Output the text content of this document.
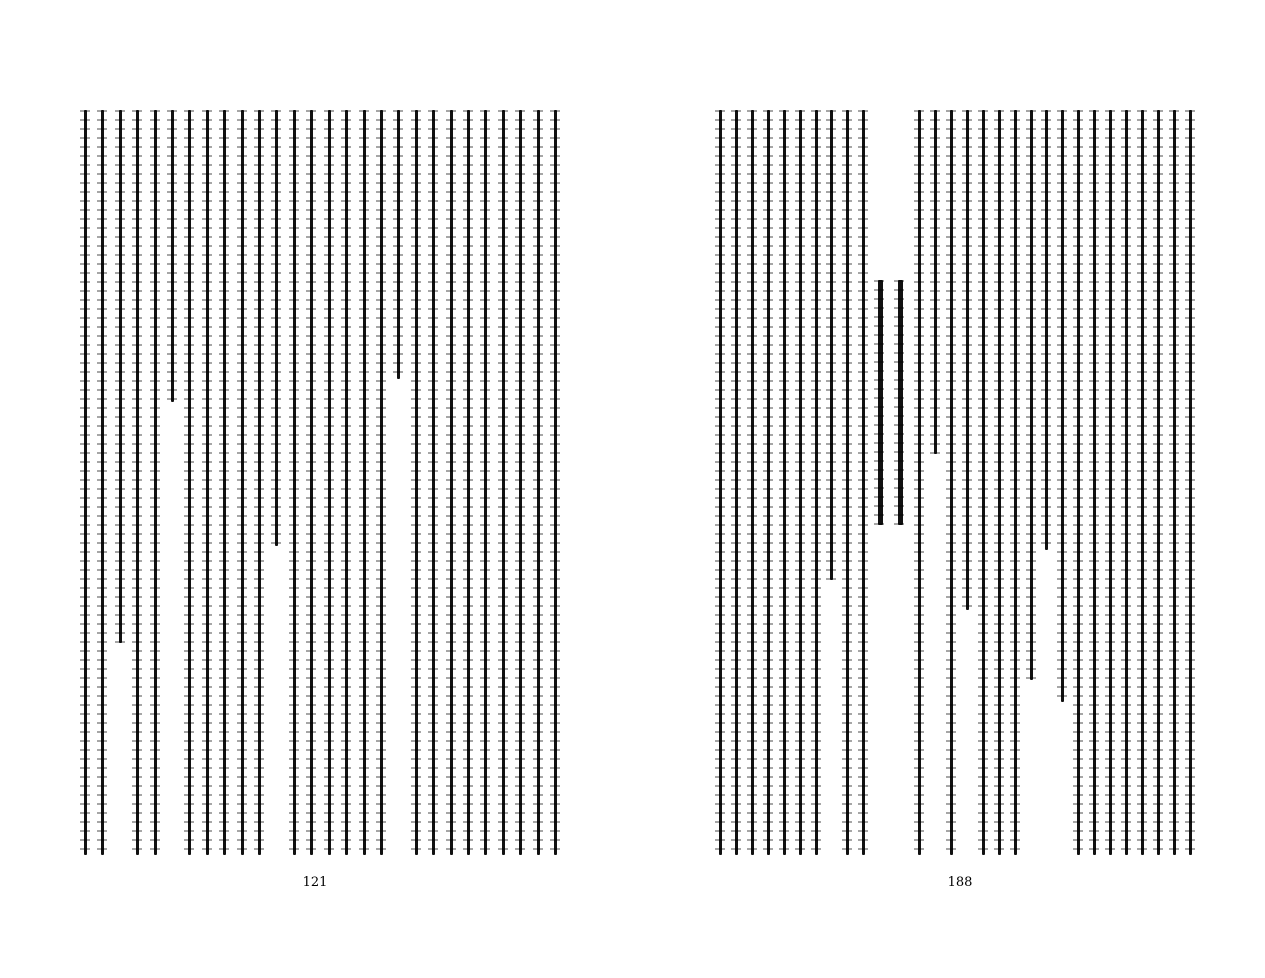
121	188
